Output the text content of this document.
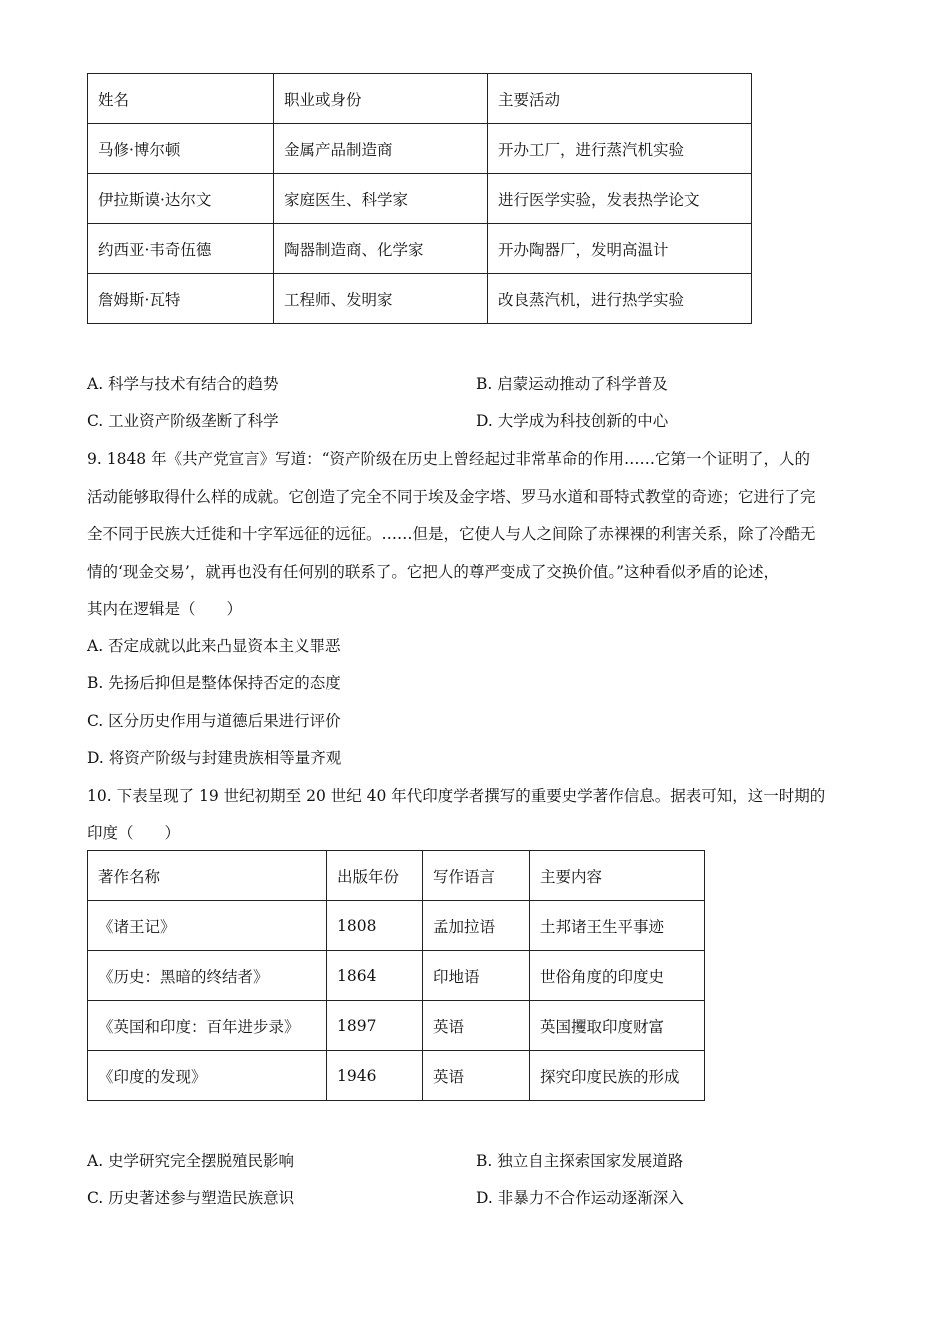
姓名	职业或身份	主要活动
马修·博尔顿	金属产品制造商	开办工厂，进行蒸汽机实验
伊拉斯谟·达尔文	家庭医生、科学家	进行医学实验，发表热学论文
约西亚·韦奇伍德	陶器制造商、化学家	开办陶器厂，发明高温计
詹姆斯·瓦特	工程师、发明家	改良蒸汽机，进行热学实验
A. 科学与技术有结合的趋势	B. 启蒙运动推动了科学普及
C. 工业资产阶级垄断了科学	D. 大学成为科技创新的中心
9. 1848 年《共产党宣言》写道：“资产阶级在历史上曾经起过非常革命的作用……它第一个证明了，人的
活动能够取得什么样的成就。它创造了完全不同于埃及金字塔、罗马水道和哥特式教堂的奇迹；它进行了完
全不同于民族大迁徙和十字军远征的远征。……但是，它使人与人之间除了赤裸裸的利害关系，除了冷酷无
情的‘现金交易’，就再也没有任何别的联系了。它把人的尊严变成了交换价值。”这种看似矛盾的论述，
其内在逻辑是（　　）
A. 否定成就以此来凸显资本主义罪恶
B. 先扬后抑但是整体保持否定的态度
C. 区分历史作用与道德后果进行评价
D. 将资产阶级与封建贵族相等量齐观
10. 下表呈现了 19 世纪初期至 20 世纪 40 年代印度学者撰写的重要史学著作信息。据表可知，这一时期的
印度（　　）
著作名称	出版年份	写作语言	主要内容
《诸王记》	1808	孟加拉语	土邦诸王生平事迹
《历史：黑暗的终结者》	1864	印地语	世俗角度的印度史
《英国和印度：百年进步录》	1897	英语	英国攫取印度财富
《印度的发现》	1946	英语	探究印度民族的形成
A. 史学研究完全摆脱殖民影响	B. 独立自主探索国家发展道路
C. 历史著述参与塑造民族意识	D. 非暴力不合作运动逐渐深入
